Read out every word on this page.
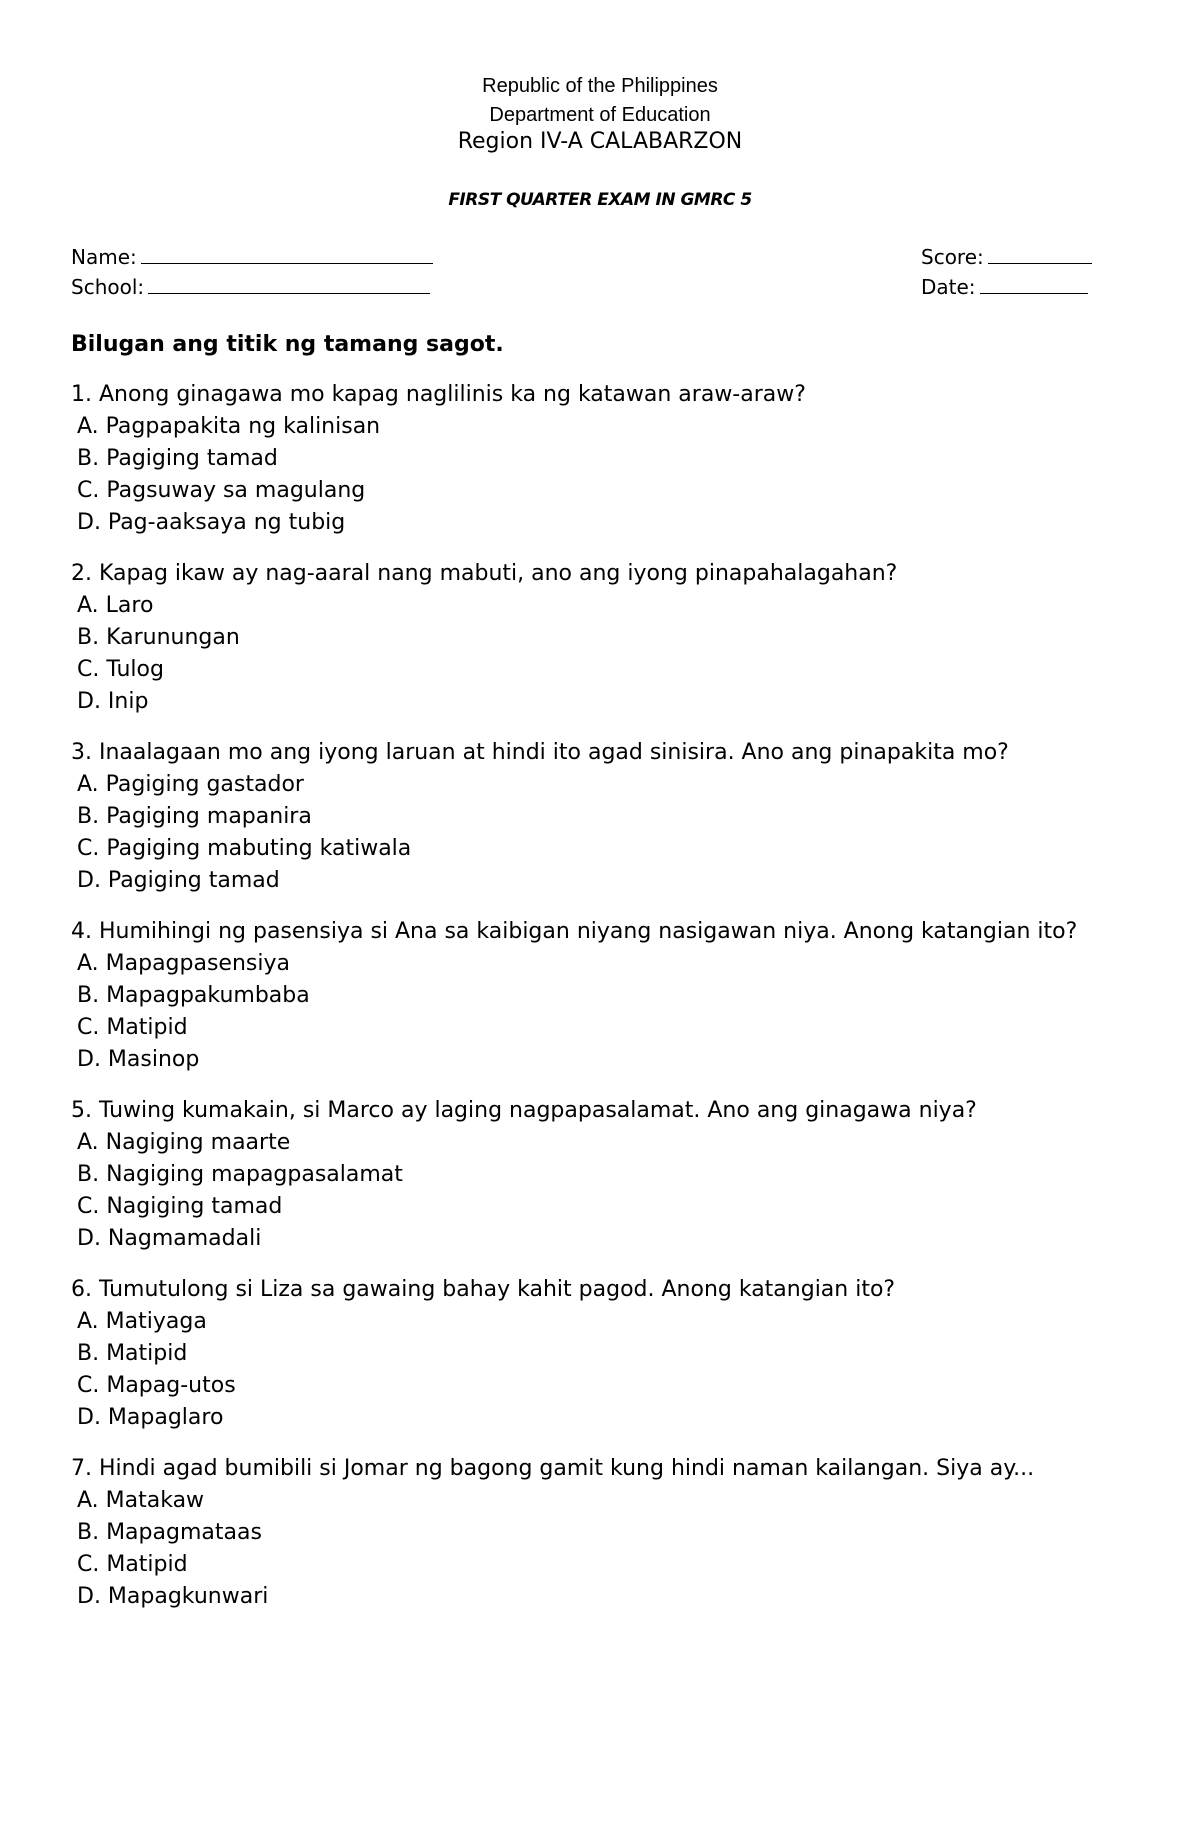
Republic of the Philippines
Department of Education
Region IV-A CALABARZON
FIRST QUARTER EXAM IN GMRC 5
Name:
School:
Score:
Date:
Bilugan ang titik ng tamang sagot.
1. Anong ginagawa mo kapag naglilinis ka ng katawan araw-araw?
A. Pagpapakita ng kalinisan
B. Pagiging tamad
C. Pagsuway sa magulang
D. Pag-aaksaya ng tubig
2. Kapag ikaw ay nag-aaral nang mabuti, ano ang iyong pinapahalagahan?
A. Laro
B. Karunungan
C. Tulog
D. Inip
3. Inaalagaan mo ang iyong laruan at hindi ito agad sinisira. Ano ang pinapakita mo?
A. Pagiging gastador
B. Pagiging mapanira
C. Pagiging mabuting katiwala
D. Pagiging tamad
4. Humihingi ng pasensiya si Ana sa kaibigan niyang nasigawan niya. Anong katangian ito?
A. Mapagpasensiya
B. Mapagpakumbaba
C. Matipid
D. Masinop
5. Tuwing kumakain, si Marco ay laging nagpapasalamat. Ano ang ginagawa niya?
A. Nagiging maarte
B. Nagiging mapagpasalamat
C. Nagiging tamad
D. Nagmamadali
6. Tumutulong si Liza sa gawaing bahay kahit pagod. Anong katangian ito?
A. Matiyaga
B. Matipid
C. Mapag-utos
D. Mapaglaro
7. Hindi agad bumibili si Jomar ng bagong gamit kung hindi naman kailangan. Siya ay...
A. Matakaw
B. Mapagmataas
C. Matipid
D. Mapagkunwari
